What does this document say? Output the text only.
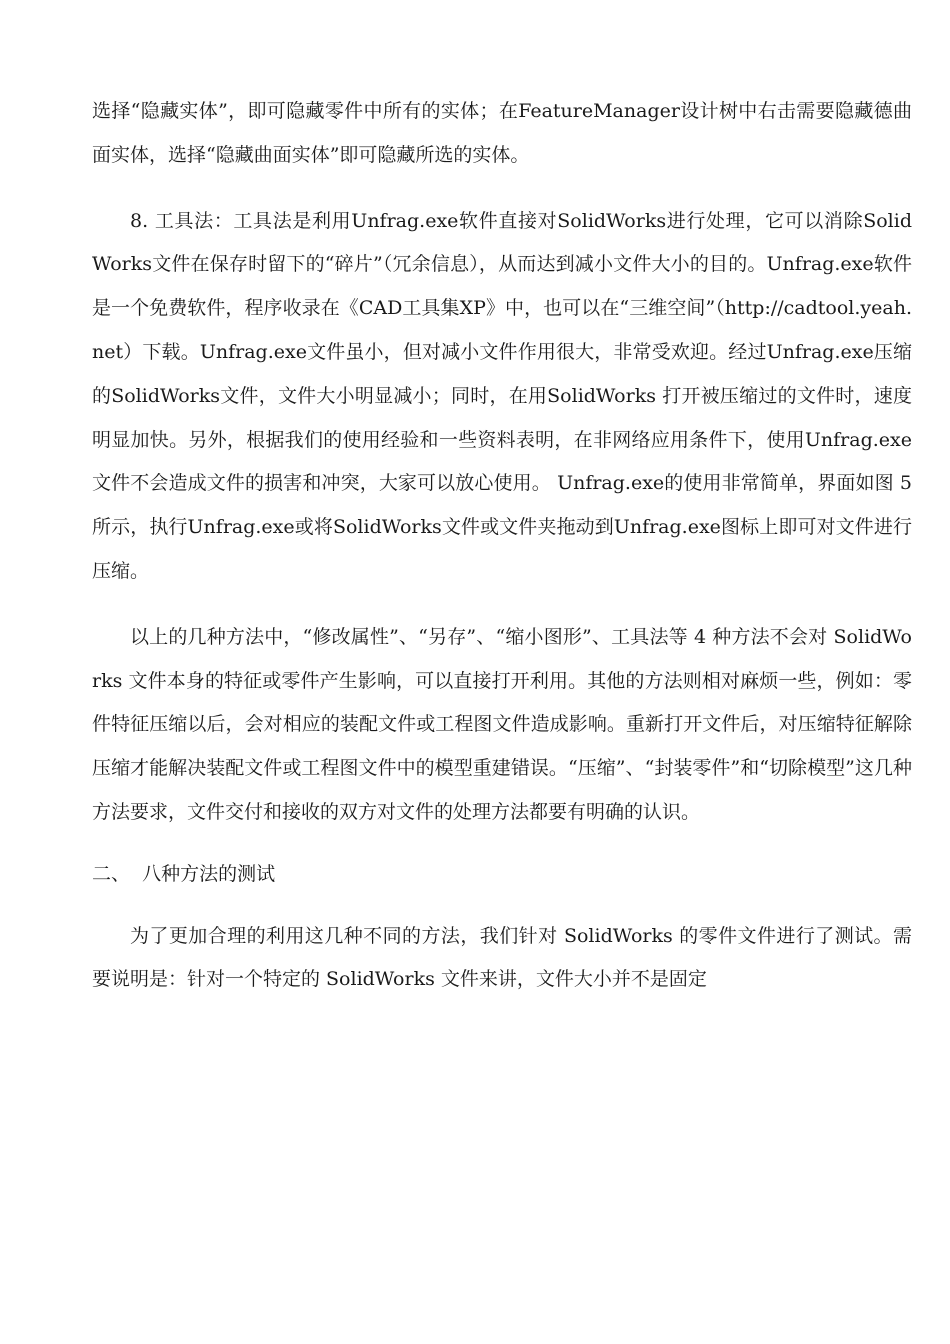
选择“隐藏实体”，即可隐藏零件中所有的实体；在FeatureManager设计树中右击需要隐藏德曲面实体，选择“隐藏曲面实体”即可隐藏所选的实体。

8. 工具法：工具法是利用Unfrag.exe软件直接对SolidWorks进行处理，它可以消除SolidWorks文件在保存时留下的“碎片”（冗余信息），从而达到减小文件大小的目的。Unfrag.exe软件是一个免费软件，程序收录在《CAD工具集XP》中，也可以在“三维空间”（http://cadtool.yeah.net）下载。Unfrag.exe文件虽小，但对减小文件作用很大，非常受欢迎。经过Unfrag.exe压缩的SolidWorks文件，文件大小明显减小；同时，在用SolidWorks 打开被压缩过的文件时，速度明显加快。另外，根据我们的使用经验和一些资料表明，在非网络应用条件下，使用Unfrag.exe文件不会造成文件的损害和冲突，大家可以放心使用。 Unfrag.exe的使用非常简单，界面如图 5 所示，执行Unfrag.exe或将SolidWorks文件或文件夹拖动到Unfrag.exe图标上即可对文件进行压缩。

以上的几种方法中，“修改属性”、“另存”、“缩小图形”、工具法等 4 种方法不会对 SolidWorks 文件本身的特征或零件产生影响，可以直接打开利用。其他的方法则相对麻烦一些，例如：零件特征压缩以后，会对相应的装配文件或工程图文件造成影响。重新打开文件后，对压缩特征解除压缩才能解决装配文件或工程图文件中的模型重建错误。“压缩”、“封装零件”和“切除模型”这几种方法要求，文件交付和接收的双方对文件的处理方法都要有明确的认识。

二、  八种方法的测试

为了更加合理的利用这几种不同的方法，我们针对 SolidWorks 的零件文件进行了测试。需要说明是：针对一个特定的 SolidWorks 文件来讲，文件大小并不是固定
